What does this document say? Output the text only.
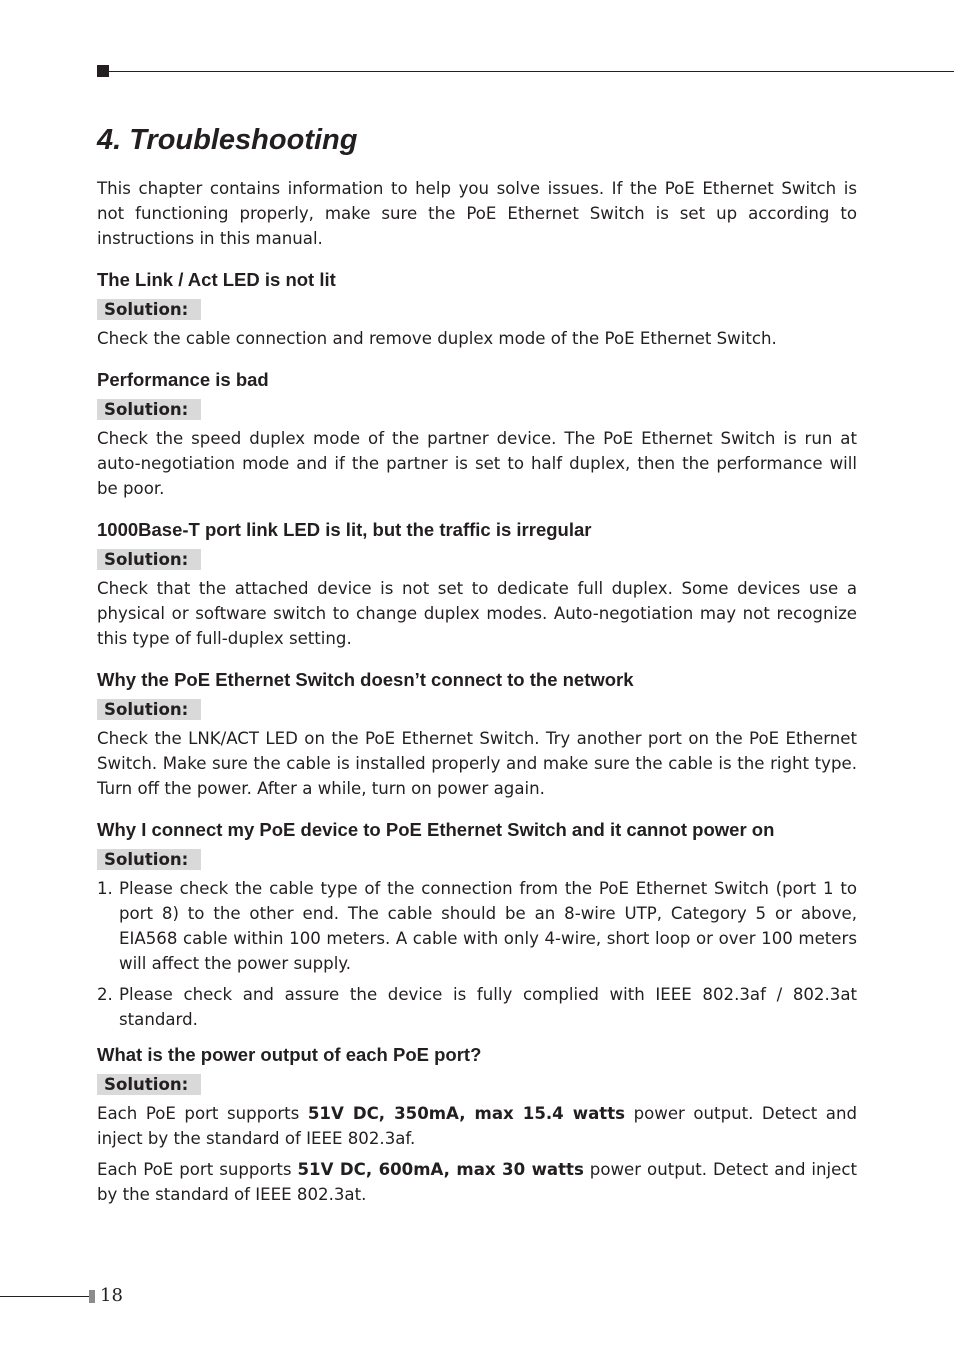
4. Troubleshooting

This chapter contains information to help you solve issues. If the PoE Ethernet Switch is not functioning properly, make sure the PoE Ethernet Switch is set up according to instructions in this manual.

The Link / Act LED is not lit
Solution:

Check the cable connection and remove duplex mode of the PoE Ethernet Switch.

Performance is bad
Solution:

Check the speed duplex mode of the partner device. The PoE Ethernet Switch is run at auto-negotiation mode and if the partner is set to half duplex, then the performance will be poor.

1000Base-T port link LED is lit, but the traffic is irregular
Solution:

Check that the attached device is not set to dedicate full duplex. Some devices use a physical or software switch to change duplex modes. Auto-negotiation may not recognize this type of full-duplex setting.

Why the PoE Ethernet Switch doesn’t connect to the network
Solution:

Check the LNK/ACT LED on the PoE Ethernet Switch. Try another port on the PoE Ethernet Switch. Make sure the cable is installed properly and make sure the cable is the right type. Turn off the power. After a while, turn on power again.

Why I connect my PoE device to PoE Ethernet Switch and it cannot power on
Solution:
1. Please check the cable type of the connection from the PoE Ethernet Switch (port 1 to port 8) to the other end. The cable should be an 8-wire UTP, Category 5 or above, EIA568 cable within 100 meters. A cable with only 4-wire, short loop or over 100 meters will affect the power supply.
2. Please check and assure the device is fully complied with IEEE 802.3af / 802.3at standard.
What is the power output of each PoE port?
Solution:

Each PoE port supports 51V DC, 350mA, max 15.4 watts power output. Detect and inject by the standard of IEEE 802.3af.

Each PoE port supports 51V DC, 600mA, max 30 watts power output. Detect and inject by the standard of IEEE 802.3at.

18
